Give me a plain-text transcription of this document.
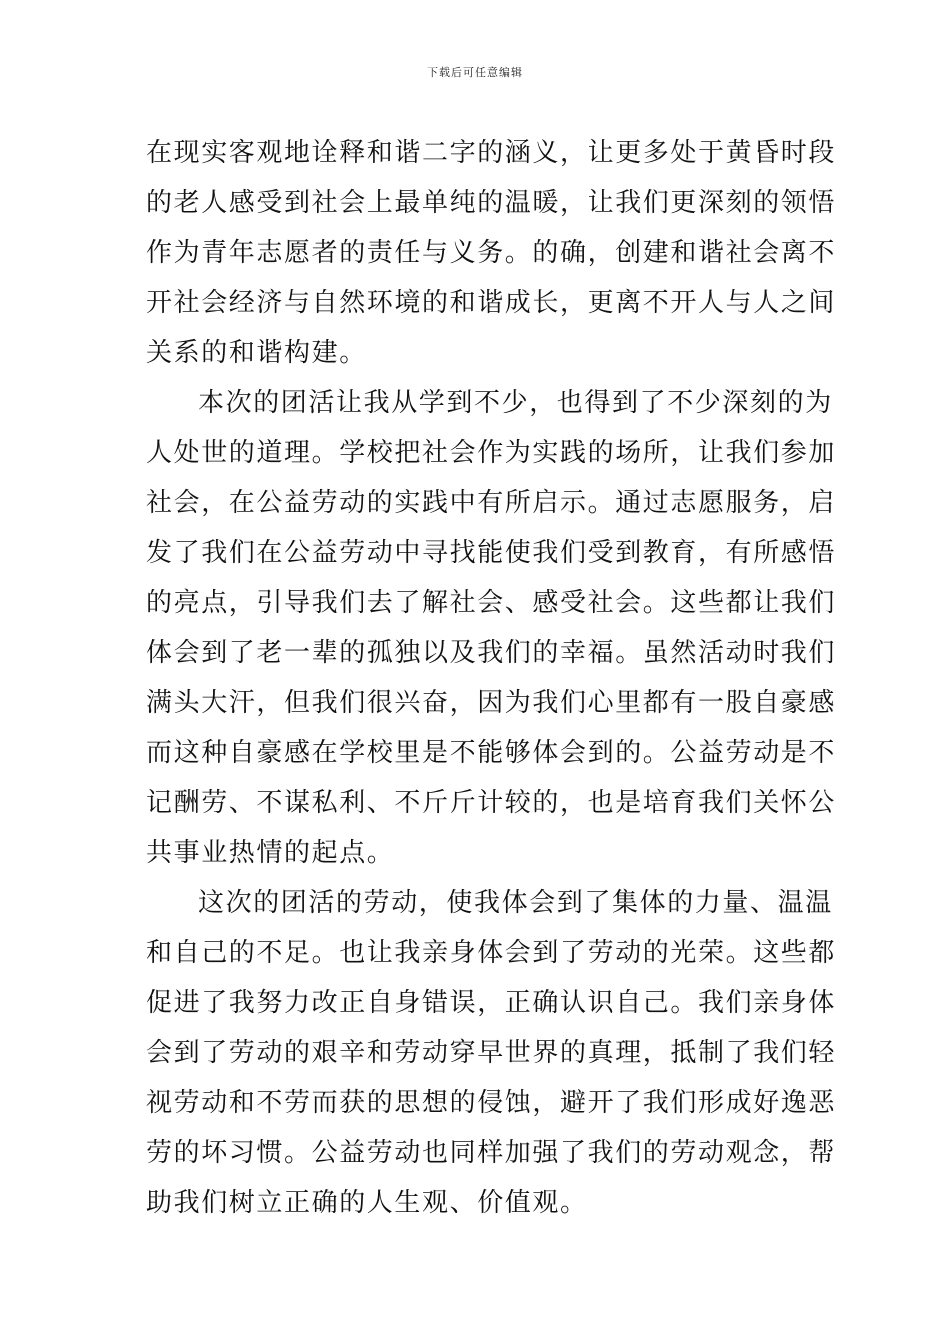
下载后可任意编辑
在现实客观地诠释和谐二字的涵义，让更多处于黄昏时段
的老人感受到社会上最单纯的温暖，让我们更深刻的领悟
作为青年志愿者的责任与义务。的确，创建和谐社会离不
开社会经济与自然环境的和谐成长，更离不开人与人之间
关系的和谐构建。
本次的团活让我从学到不少，也得到了不少深刻的为
人处世的道理。学校把社会作为实践的场所，让我们参加
社会，在公益劳动的实践中有所启示。通过志愿服务，启
发了我们在公益劳动中寻找能使我们受到教育，有所感悟
的亮点，引导我们去了解社会、感受社会。这些都让我们
体会到了老一辈的孤独以及我们的幸福。虽然活动时我们
满头大汗，但我们很兴奋，因为我们心里都有一股自豪感
而这种自豪感在学校里是不能够体会到的。公益劳动是不
记酬劳、不谋私利、不斤斤计较的，也是培育我们关怀公
共事业热情的起点。
这次的团活的劳动，使我体会到了集体的力量、温温
和自己的不足。也让我亲身体会到了劳动的光荣。这些都
促进了我努力改正自身错误，正确认识自己。我们亲身体
会到了劳动的艰辛和劳动穿早世界的真理，抵制了我们轻
视劳动和不劳而获的思想的侵蚀，避开了我们形成好逸恶
劳的坏习惯。公益劳动也同样加强了我们的劳动观念，帮
助我们树立正确的人生观、价值观。
